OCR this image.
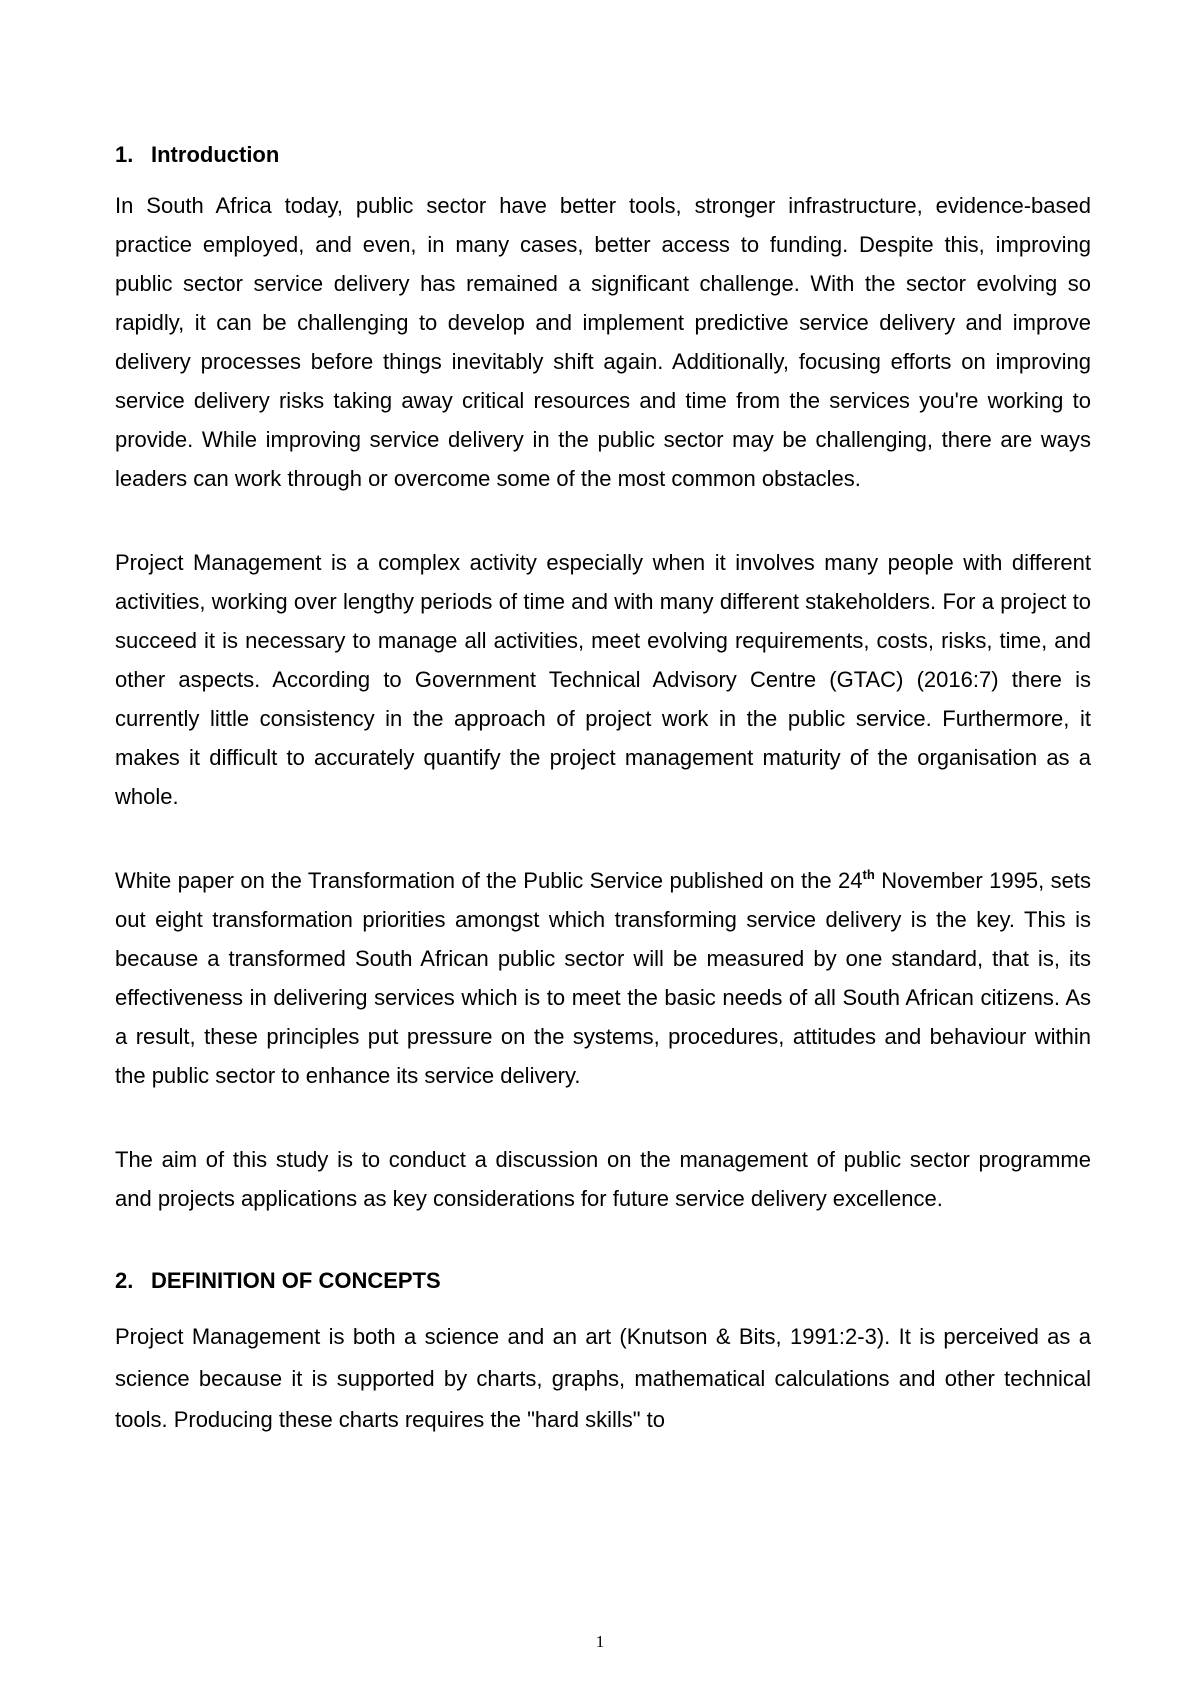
1. Introduction

In South Africa today, public sector have better tools, stronger infrastructure, evidence-based practice employed, and even, in many cases, better access to funding. Despite this, improving public sector service delivery has remained a significant challenge. With the sector evolving so rapidly, it can be challenging to develop and implement predictive service delivery and improve delivery processes before things inevitably shift again. Additionally, focusing efforts on improving service delivery risks taking away critical resources and time from the services you're working to provide. While improving service delivery in the public sector may be challenging, there are ways leaders can work through or overcome some of the most common obstacles.

Project Management is a complex activity especially when it involves many people with different activities, working over lengthy periods of time and with many different stakeholders. For a project to succeed it is necessary to manage all activities, meet evolving requirements, costs, risks, time, and other aspects. According to Government Technical Advisory Centre (GTAC) (2016:7) there is currently little consistency in the approach of project work in the public service. Furthermore, it makes it difficult to accurately quantify the project management maturity of the organisation as a whole.

White paper on the Transformation of the Public Service published on the 24th November 1995, sets out eight transformation priorities amongst which transforming service delivery is the key. This is because a transformed South African public sector will be measured by one standard, that is, its effectiveness in delivering services which is to meet the basic needs of all South African citizens. As a result, these principles put pressure on the systems, procedures, attitudes and behaviour within the public sector to enhance its service delivery.

The aim of this study is to conduct a discussion on the management of public sector programme and projects applications as key considerations for future service delivery excellence.

2. DEFINITION OF CONCEPTS

Project Management is both a science and an art (Knutson & Bits, 1991:2-3). It is perceived as a science because it is supported by charts, graphs, mathematical calculations and other technical tools. Producing these charts requires the "hard skills" to

1
